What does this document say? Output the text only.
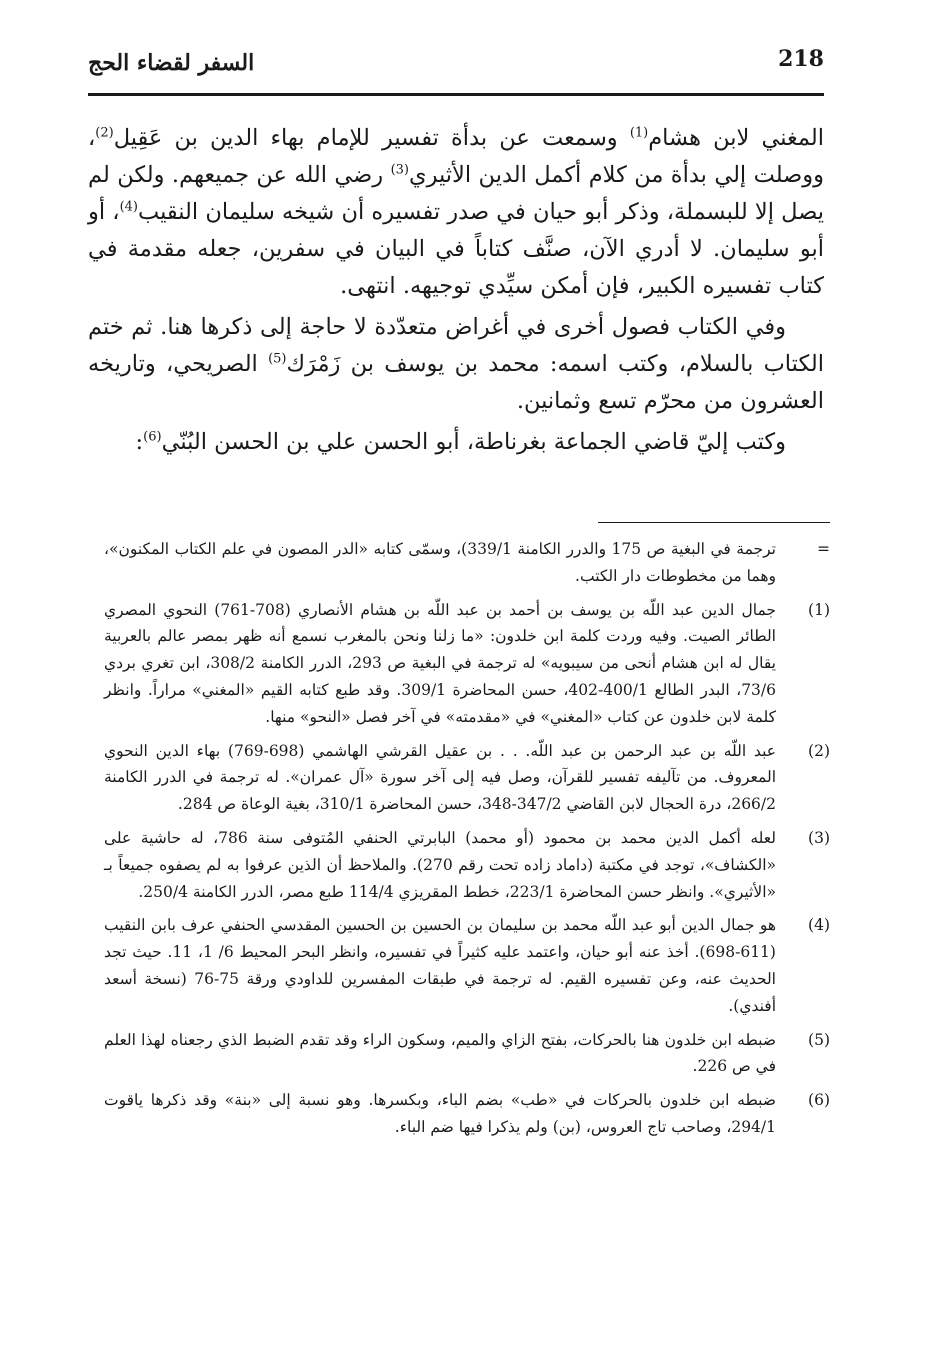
218
السفر لقضاء الحج

المغني لابن هشام$^{(1)}$ وسمعت عن بدأة تفسير للإمام بهاء الدين بن عَقِيل$^{(2)}$، ووصلت إلي بدأة من كلام أكمل الدين الأثيري$^{(3)}$ رضي الله عن جميعهم. ولكن لم يصل إلا للبسملة، وذكر أبو حيان في صدر تفسيره أن شيخه سليمان النقيب$^{(4)}$، أو أبو سليمان. لا أدري الآن، صنَّف كتاباً في البيان في سفرين، جعله مقدمة في كتاب تفسيره الكبير، فإن أمكن سيِّدي توجيهه. انتهى.

وفي الكتاب فصول أخرى في أغراض متعدّدة لا حاجة إلى ذكرها هنا. ثم ختم الكتاب بالسلام، وكتب اسمه: محمد بن يوسف بن زَمْرَك$^{(5)}$ الصريحي، وتاريخه العشرون من محرّم تسع وثمانين.

وكتب إليّ قاضي الجماعة بغرناطة، أبو الحسن علي بن الحسن البُنّي$^{(6)}$:

=
ترجمة في البغية ص 175 والدرر الكامنة 339/1)، وسمّى كتابه «الدر المصون في علم الكتاب المكنون»، وهما من مخطوطات دار الكتب.
(1)
جمال الدين عبد اللّه بن يوسف بن أحمد بن عبد اللّه بن هشام الأنصاري (708-761) النحوي المصري الطائر الصيت. وفيه وردت كلمة ابن خلدون: «ما زلنا ونحن بالمغرب نسمع أنه ظهر بمصر عالم بالعربية يقال له ابن هشام أنحى من سيبويه» له ترجمة في البغية ص 293، الدرر الكامنة 308/2، ابن تغري بردي 73/6، البدر الطالع 400/1-402، حسن المحاضرة 309/1. وقد طبع كتابه القيم «المغني» مراراً. وانظر كلمة لابن خلدون عن كتاب «المغني» في «مقدمته» في آخر فصل «النحو» منها.
(2)
عبد اللّه بن عبد الرحمن بن عبد اللّه. . . بن عقيل القرشي الهاشمي (698-769) بهاء الدين النحوي المعروف. من تآليفه تفسير للقرآن، وصل فيه إلى آخر سورة «آل عمران». له ترجمة في الدرر الكامنة 266/2، درة الحجال لابن القاضي 347/2-348، حسن المحاضرة 310/1، بغية الوعاة ص 284.
(3)
لعله أكمل الدين محمد بن محمود (أو محمد) البابرتي الحنفي المُتوفى سنة 786، له حاشية على «الكشاف»، توجد في مكتبة (داماد زاده تحت رقم 270). والملاحظ أن الذين عرفوا به لم يصفوه جميعاً بـ «الأثيري». وانظر حسن المحاضرة 223/1، خطط المقريزي 114/4 طبع مصر، الدرر الكامنة 250/4.
(4)
هو جمال الدين أبو عبد اللّه محمد بن سليمان بن الحسين بن الحسين المقدسي الحنفي عرف بابن النقيب (611-698). أخذ عنه أبو حيان، واعتمد عليه كثيراً في تفسيره، وانظر البحر المحيط 6/ 1، 11. حيث تجد الحديث عنه، وعن تفسيره القيم. له ترجمة في طبقات المفسرين للداودي ورقة 75-76 (نسخة أسعد أفندي).
(5)
ضبطه ابن خلدون هنا بالحركات، بفتح الزاي والميم، وسكون الراء وقد تقدم الضبط الذي رجعناه لهذا العلم في ص 226.
(6)
ضبطه ابن خلدون بالحركات في «طب» بضم الباء، وبكسرها. وهو نسبة إلى «بنة» وقد ذكرها ياقوت 294/1، وصاحب تاج العروس، (بن) ولم يذكرا فيها ضم الباء.
